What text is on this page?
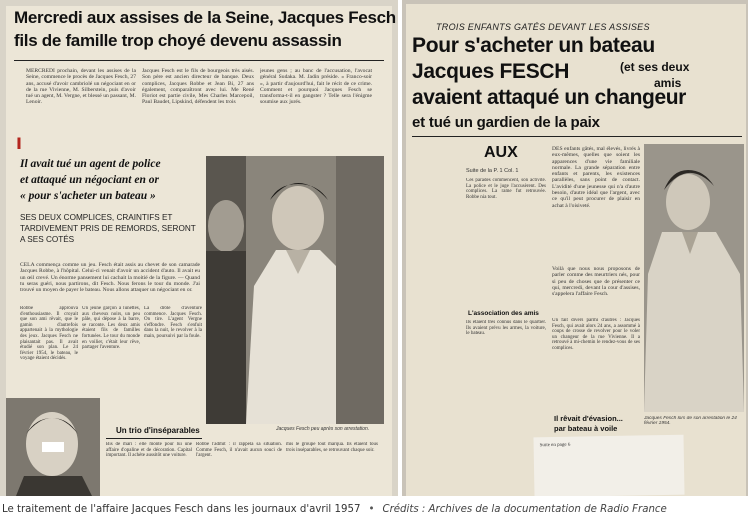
Mercredi aux assises de la Seine, Jacques Fesch
fils de famille trop choyé devenu assassin
MERCREDI prochain, devant les assises de la Seine, commence le procès de Jacques Fesch, 27 ans, accusé d'avoir cambriolé un négociant en or de la rue Vivienne, M. Silberstein, puis d'avoir tué un agent, M. Vergne, et blessé un passant, M. Lenoir.
Jacques Fesch est le fils de bourgeois très aisés. Son père est ancien directeur de banque. Deux complices, Jacques Robbe et Jean Bi, 27 ans également, comparaîtront avec lui. Me René Floriot est partie civile, Mes Charles Marcepoil, Paul Baudet, Lipskind, défendent les trois
jeunes gens ; au banc de l'accusation, l'avocat général Sudaka. M. Jadin préside. « Franco-soir », à partir d'aujourd'hui, fait le récit de ce crime. Comment et pourquoi Jacques Fesch se transforma-t-il en gangster ? Telle sera l'énigme soumise aux jurés.
I
Il avait tué un agent de police
et attaqué un négociant en or
« pour s'acheter un bateau »
SES DEUX COMPLICES, CRAINTIFS ET TARDIVEMENT PRIS DE REMORDS, SERONT A SES COTÉS
CELA commença comme un jeu. Fesch était assis au chevet de son camarade Jacques Robbe, à l'hôpital. Celui-ci venait d'avoir un accident d'auto. Il avait eu un œil crevé. Un énorme pansement lui cachait la moitié de la figure. — Quand tu seras guéri, nous partirons, dit Fesch. Nous ferons le tour du monde. J'ai trouvé un moyen de payer le bateau. Nous allons attaquer un négociant en or.
Robbe approuva d'enthousiasme. Il croyait que son ami rêvait, que le gamin d'autrefois appartenait à la mythologie des jeux. Jacques Fesch ne plaisantait pas. Il avait étudié son plan. Le 24 février 1954, le bateau, le voyage étaient décidés.
Un jeune garçon à lunettes, aux cheveux noirs, un peu pâle, qui dépose à la barre, se raconte. Les deux amis étaient fils de familles fortunées. Le tour du monde en voilier, c'était leur rêve, partager l'aventure.
La drôle d'aventure commence. Jacques Fesch. On tire. L'agent Vergne s'effondre. Fesch s'enfuit dans la nuit, le revolver à la main, poursuivi par la foule.
Jacques Fesch peu après son arrestation.
Un trio d'inséparables
Bis de mari : elle monte pour lui une affaire d'opaline et de décoration. Capital important. Il achète aussitôt une voiture.
Robbe l'admit : il rappela sa situation. Comme Fesch, il n'avait aucun souci de l'argent.
mis le groupe tout marqua. Ils étaient tous trois inséparables, se retrouvant chaque soir.
TROIS ENFANTS GATÉS DEVANT LES ASSISES
Pour s'acheter un bateau
Jacques FESCH	(et ses deux
amis
avaient attaqué un changeur
et tué un gardien de la paix
AUX
Suite de la P. 1 Col. 1
Ces parades commencent, son activité. La police et le juge l'accusèrent. Des complices. La rame fut retrouvée. Robbe nia tout.
L'association des amis
Ils étaient très connus dans le quartier. Ils avaient prévu les armes, la voiture, le bateau.
DES enfants gâtés, mal élevés, livrés à eux-mêmes, quelles que soient les apparences d'une vie familiale normale. La grande séparation entre enfants et parents, les existences parallèles, sans point de contact. L'avidité d'une jeunesse qui n'a d'autre besoin, d'autre idéal que l'argent, avec ce qu'il peut procurer de plaisir en achat à l'oisiveté.
Voilà que nous nous proposons de parler comme des meurtriers nés, pour si peu de choses que de présenter ce qui, mercredi, devant la cour d'assises, s'appelera l'affaire Fesch.
Un fait divers parmi d'autres : Jacques Fesch, qui avait alors 24 ans, a assommé à coups de crosse de revolver pour le voler un changeur de la rue Vivienne. Il a retrouvé à mi-chemin le rendez-vous de ses complices.
Il rêvait d'évasion...
par bateau à voile
Jacques Fesch lors de son arrestation le 24 février 1954.
Suite en page 6
Le traitement de l'affaire Jacques Fesch dans les journaux d'avril 1957 • Crédits : Archives de la documentation de Radio France
